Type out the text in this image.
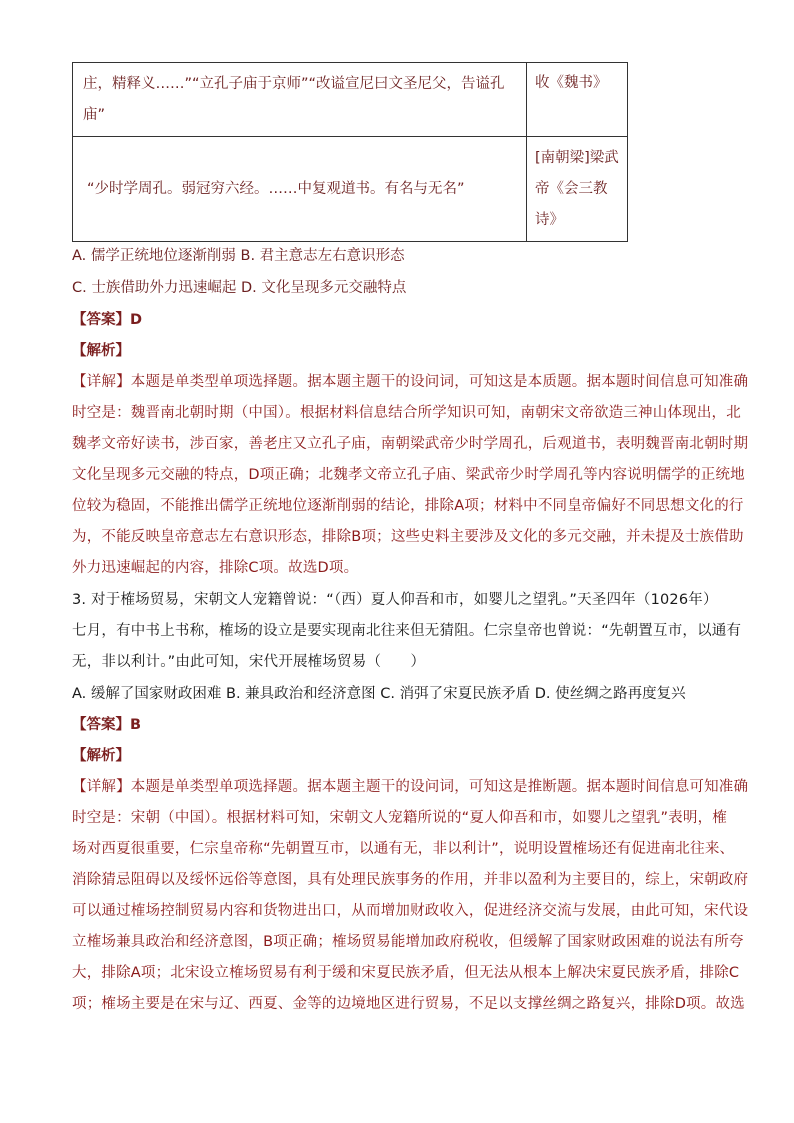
庄，精释义……”“立孔子庙于京师”“改谥宣尼曰文圣尼父，告谥孔庙”	收《魏书》
“少时学周孔。弱冠穷六经。……中复观道书。有名与无名”	[南朝梁]梁武帝《会三教诗》
A. 儒学正统地位逐渐削弱 B. 君主意志左右意识形态
C. 士族借助外力迅速崛起 D. 文化呈现多元交融特点
【答案】D
【解析】
【详解】本题是单类型单项选择题。据本题主题干的设问词，可知这是本质题。据本题时间信息可知准确
时空是：魏晋南北朝时期（中国）。根据材料信息结合所学知识可知，南朝宋文帝欲造三神山体现出，北
魏孝文帝好读书，涉百家，善老庄又立孔子庙，南朝梁武帝少时学周孔，后观道书，表明魏晋南北朝时期
文化呈现多元交融的特点，D项正确；北魏孝文帝立孔子庙、梁武帝少时学周孔等内容说明儒学的正统地
位较为稳固，不能推出儒学正统地位逐渐削弱的结论，排除A项；材料中不同皇帝偏好不同思想文化的行
为，不能反映皇帝意志左右意识形态，排除B项；这些史料主要涉及文化的多元交融，并未提及士族借助
外力迅速崛起的内容，排除C项。故选D项。
3. 对于榷场贸易，宋朝文人宠籍曾说：“（西）夏人仰吾和市，如婴儿之望乳。”天圣四年（1026年）
七月，有中书上书称，榷场的设立是要实现南北往来但无猜阻。仁宗皇帝也曾说：“先朝置互市，以通有
无，非以利计。”由此可知，宋代开展榷场贸易（　　）
A. 缓解了国家财政困难 B. 兼具政治和经济意图 C. 消弭了宋夏民族矛盾 D. 使丝绸之路再度复兴
【答案】B
【解析】
【详解】本题是单类型单项选择题。据本题主题干的设问词，可知这是推断题。据本题时间信息可知准确
时空是：宋朝（中国）。根据材料可知，宋朝文人宠籍所说的“夏人仰吾和市，如婴儿之望乳”表明，榷
场对西夏很重要，仁宗皇帝称“先朝置互市，以通有无，非以利计”，说明设置榷场还有促进南北往来、
消除猜忌阻碍以及绥怀远俗等意图，具有处理民族事务的作用，并非以盈利为主要目的，综上，宋朝政府
可以通过榷场控制贸易内容和货物进出口，从而增加财政收入，促进经济交流与发展，由此可知，宋代设
立榷场兼具政治和经济意图，B项正确；榷场贸易能增加政府税收，但缓解了国家财政困难的说法有所夸
大，排除A项；北宋设立榷场贸易有利于缓和宋夏民族矛盾，但无法从根本上解决宋夏民族矛盾，排除C
项；榷场主要是在宋与辽、西夏、金等的边境地区进行贸易，不足以支撑丝绸之路复兴，排除D项。故选
